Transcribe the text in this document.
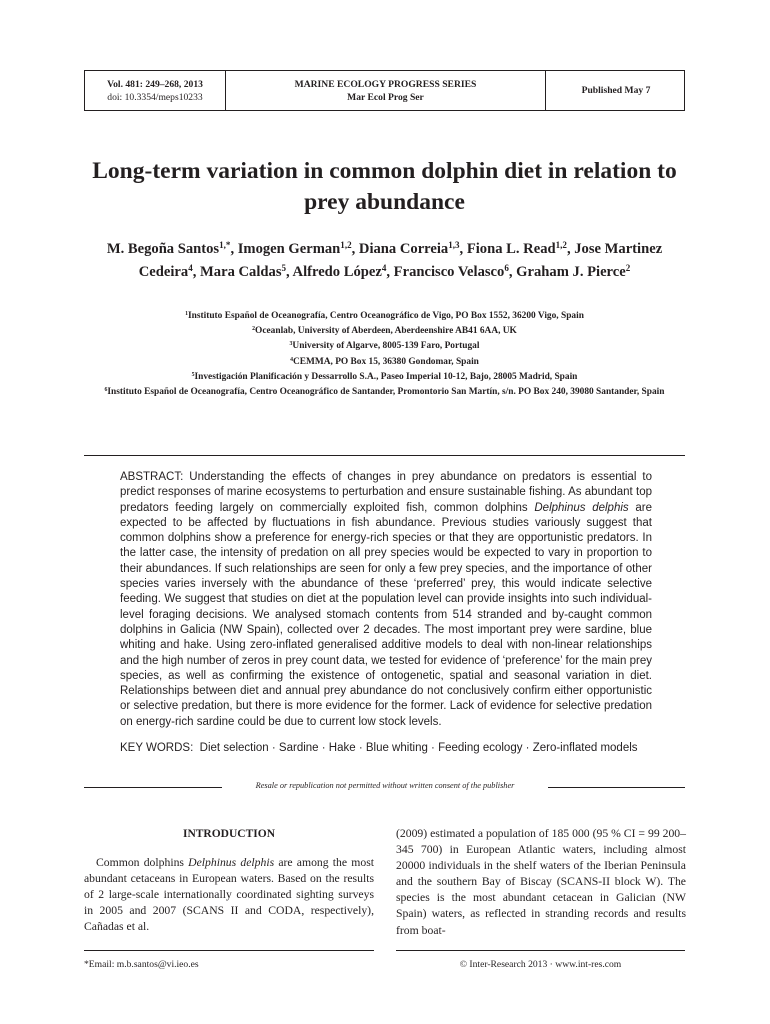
Vol. 481: 249–268, 2013
doi: 10.3354/meps10233
MARINE ECOLOGY PROGRESS SERIES
Mar Ecol Prog Ser
Published May 7
Long-term variation in common dolphin diet in relation to prey abundance
M. Begoña Santos$^{1,*}$, Imogen German$^{1,2}$, Diana Correia$^{1,3}$, Fiona L. Read$^{1,2}$, Jose Martinez Cedeira$^4$, Mara Caldas$^5$, Alfredo López$^4$, Francisco Velasco$^6$, Graham J. Pierce$^2$
$^1$Instituto Español de Oceanografía, Centro Oceanográfico de Vigo, PO Box 1552, 36200 Vigo, Spain
$^2$Oceanlab, University of Aberdeen, Aberdeenshire AB41 6AA, UK
$^3$University of Algarve, 8005-139 Faro, Portugal
$^4$CEMMA, PO Box 15, 36380 Gondomar, Spain
$^5$Investigación Planificación y Dessarrollo S.A., Paseo Imperial 10-12, Bajo, 28005 Madrid, Spain
$^6$Instituto Español de Oceanografía, Centro Oceanográfico de Santander, Promontorio San Martín, s/n. PO Box 240, 39080 Santander, Spain

ABSTRACT: Understanding the effects of changes in prey abundance on predators is essential to predict responses of marine ecosystems to perturbation and ensure sustainable fishing. As abundant top predators feeding largely on commercially exploited fish, common dolphins Delphinus delphis are expected to be affected by fluctuations in fish abundance. Previous studies variously suggest that common dolphins show a preference for energy-rich species or that they are opportunistic predators. In the latter case, the intensity of predation on all prey species would be expected to vary in proportion to their abundances. If such relationships are seen for only a few prey species, and the importance of other species varies inversely with the abundance of these ‘preferred’ prey, this would indicate selective feeding. We suggest that studies on diet at the population level can provide insights into such individual-level foraging decisions. We analysed stomach contents from 514 stranded and by-caught common dolphins in Galicia (NW Spain), collected over 2 decades. The most important prey were sardine, blue whiting and hake. Using zero-inflated generalised additive models to deal with non-linear relationships and the high number of zeros in prey count data, we tested for evidence of ‘preference’ for the main prey species, as well as confirming the existence of ontogenetic, spatial and seasonal variation in diet. Relationships between diet and annual prey abundance do not conclusively confirm either opportunistic or selective predation, but there is more evidence for the former. Lack of evidence for selective predation on energy-rich sardine could be due to current low stock levels.

KEY WORDS: Diet selection · Sardine · Hake · Blue whiting · Feeding ecology · Zero-inflated models

Resale or republication not permitted without written consent of the publisher

INTRODUCTION

Common dolphins Delphinus delphis are among the most abundant cetaceans in European waters. Based on the results of 2 large-scale internationally coordinated sighting surveys in 2005 and 2007 (SCANS II and CODA, respectively), Cañadas et al.

(2009) estimated a population of 185 000 (95 % CI = 99 200–345 700) in European Atlantic waters, including almost 20000 individuals in the shelf waters of the Iberian Peninsula and the southern Bay of Biscay (SCANS-II block W). The species is the most abundant cetacean in Galician (NW Spain) waters, as reflected in stranding records and results from boat-

*Email: m.b.santos@vi.ieo.es	© Inter-Research 2013 · www.int-res.com
